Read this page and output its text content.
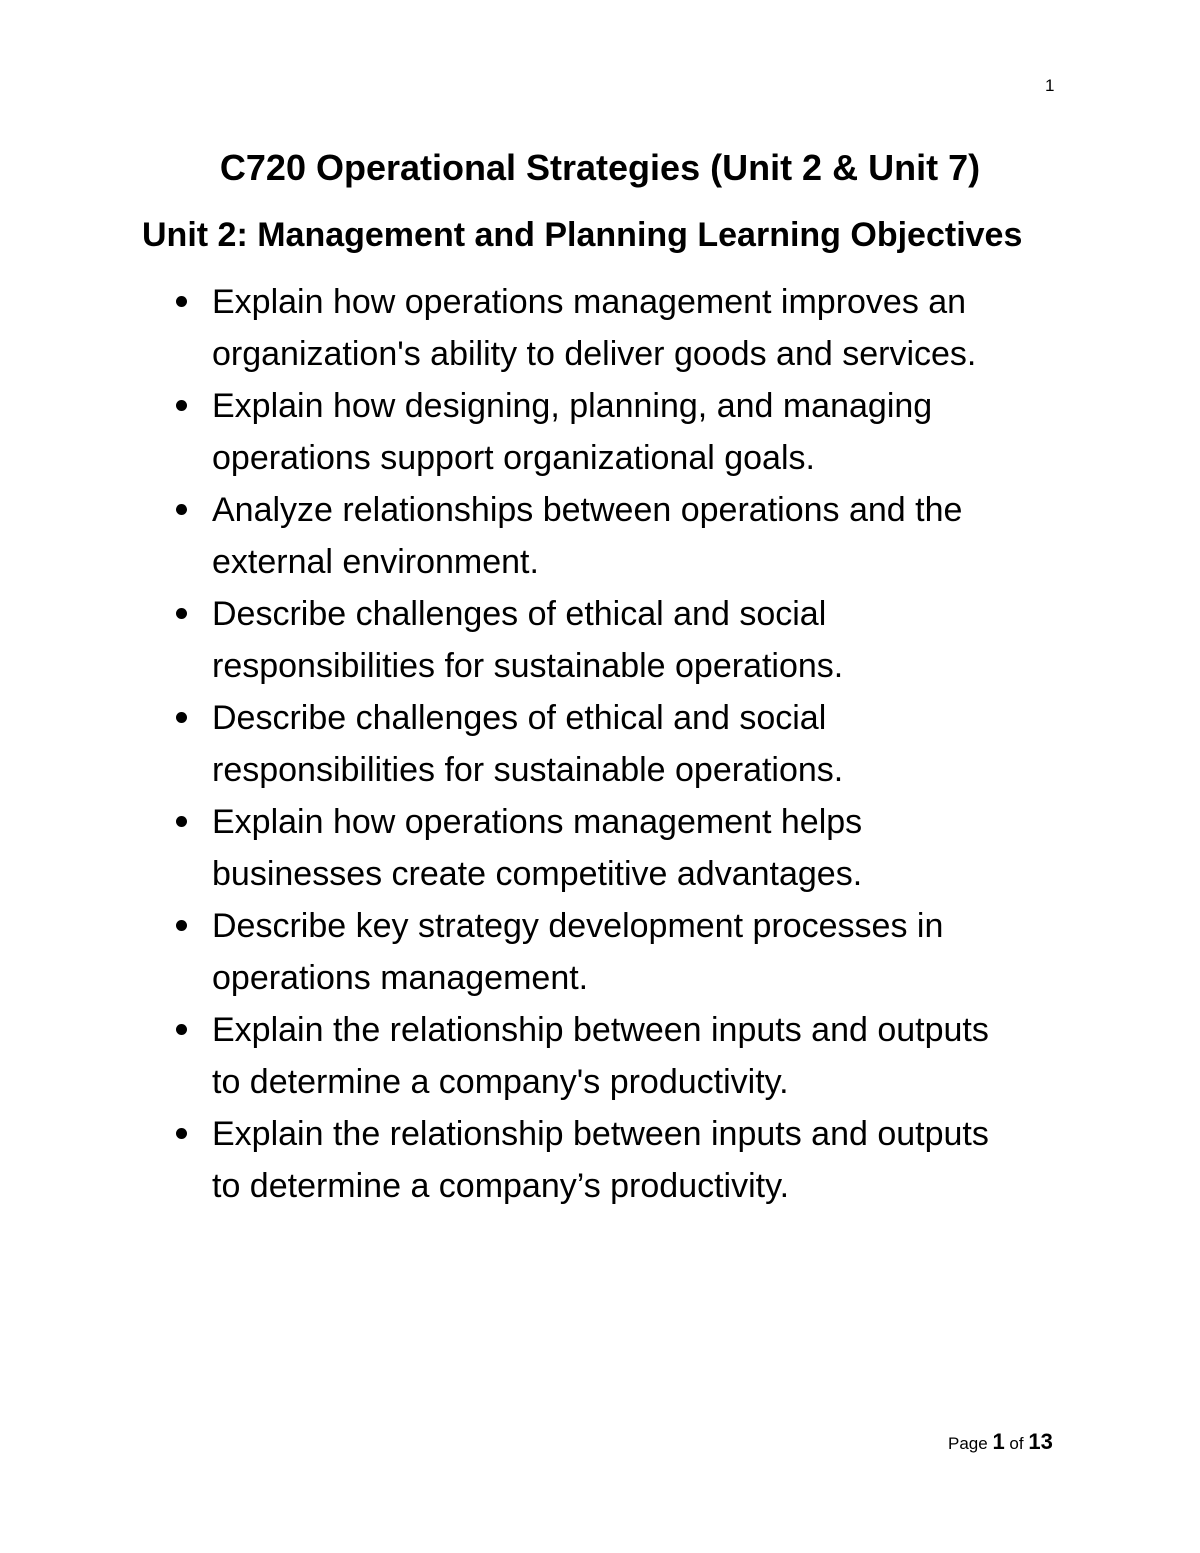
1
C720 Operational Strategies (Unit 2 & Unit 7)
Unit 2: Management and Planning Learning Objectives
Explain how operations management improves an
organization's ability to deliver goods and services.
Explain how designing, planning, and managing
operations support organizational goals.
Analyze relationships between operations and the
external environment.
Describe challenges of ethical and social
responsibilities for sustainable operations.
Describe challenges of ethical and social
responsibilities for sustainable operations.
Explain how operations management helps
businesses create competitive advantages.
Describe key strategy development processes in
operations management.
Explain the relationship between inputs and outputs
to determine a company's productivity.
Explain the relationship between inputs and outputs
to determine a company’s productivity.
Page 1 of 13
